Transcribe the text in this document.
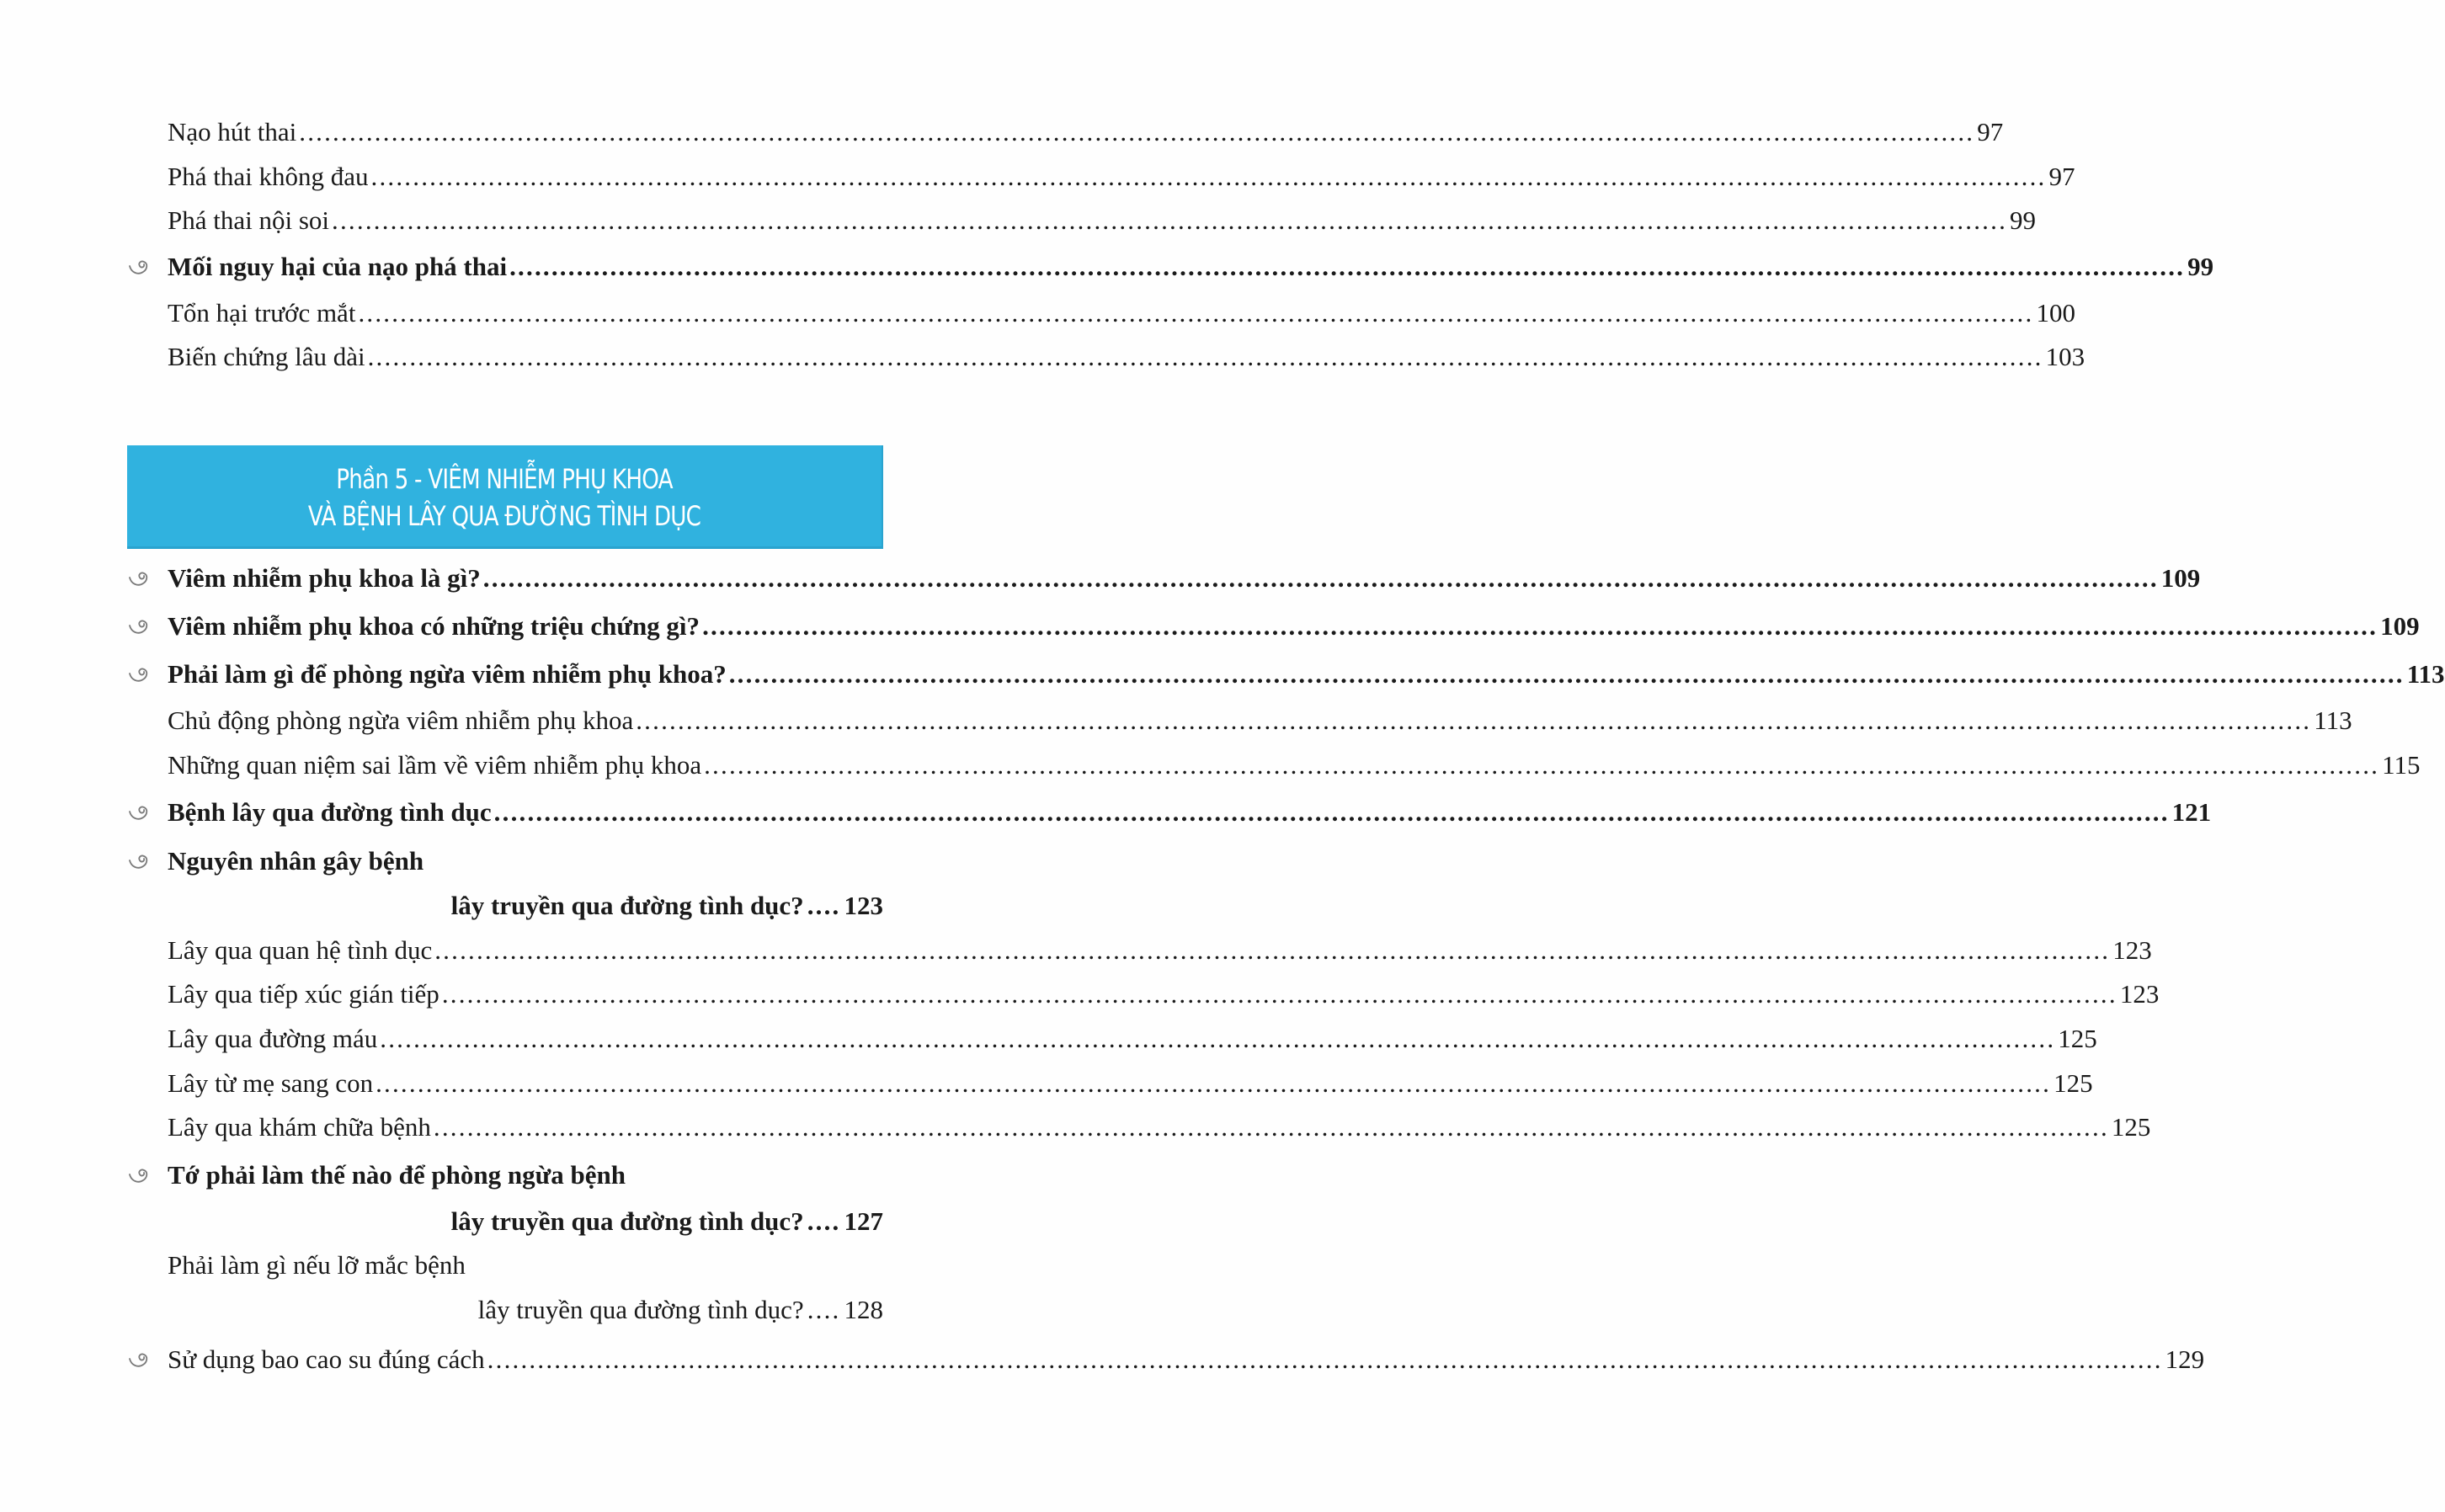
Nạo hút thai ........................................................................................................................................................................................................ 97
Phá thai không đau ........................................................................................................................................................................................................ 97
Phá thai nội soi ........................................................................................................................................................................................................ 99
Mối nguy hại của nạo phá thai ........................................................................................................................................................................................................ 99
Tổn hại trước mắt ........................................................................................................................................................................................................ 100
Biến chứng lâu dài ........................................................................................................................................................................................................ 103
Viêm nhiễm phụ khoa là gì? ........................................................................................................................................................................................................ 109
Viêm nhiễm phụ khoa có những triệu chứng gì? ........................................................................................................................................................................................................ 109
Phải làm gì để phòng ngừa viêm nhiễm phụ khoa? ........................................................................................................................................................................................................ 113
Chủ động phòng ngừa viêm nhiễm phụ khoa ........................................................................................................................................................................................................ 113
Những quan niệm sai lầm về viêm nhiễm phụ khoa ........................................................................................................................................................................................................ 115
Bệnh lây qua đường tình dục ........................................................................................................................................................................................................ 121
Nguyên nhân gây bệnh
lây truyền qua đường tình dục? .... 123
Lây qua quan hệ tình dục ........................................................................................................................................................................................................ 123
Lây qua tiếp xúc gián tiếp ........................................................................................................................................................................................................ 123
Lây qua đường máu ........................................................................................................................................................................................................ 125
Lây từ mẹ sang con ........................................................................................................................................................................................................ 125
Lây qua khám chữa bệnh ........................................................................................................................................................................................................ 125
Tớ phải làm thế nào để phòng ngừa bệnh
lây truyền qua đường tình dục? .... 127
Phải làm gì nếu lỡ mắc bệnh
lây truyền qua đường tình dục? .... 128
Sử dụng bao cao su đúng cách ........................................................................................................................................................................................................ 129
Phần 5 - VIÊM NHIỄM PHỤ KHOA
VÀ BỆNH LÂY QUA ĐƯỜNG TÌNH DỤC
